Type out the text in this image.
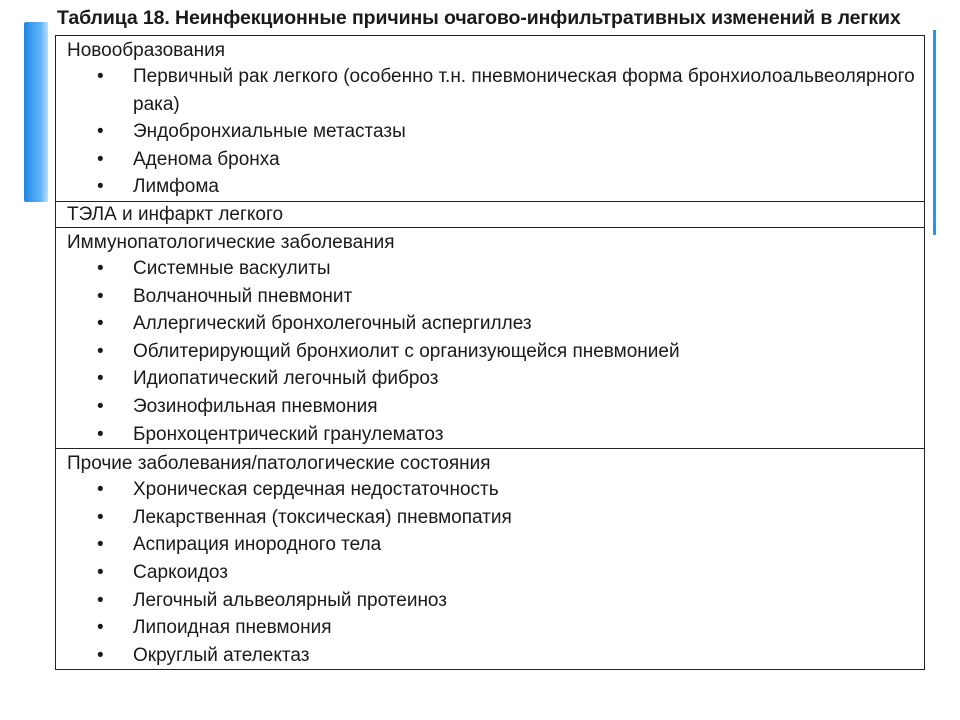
Таблица 18. Неинфекционные причины очагово-инфильтративных изменений в легких
Новообразования
• Первичный рак легкого (особенно т.н. пневмоническая форма бронхиолоальвеолярного рака)
• Эндобронхиальные метастазы
• Аденома бронха
• Лимфома

ТЭЛА и инфаркт легкого

Иммунопатологические заболевания
• Системные васкулиты
• Волчаночный пневмонит
• Аллергический бронхолегочный аспергиллез
• Облитерирующий бронхиолит с организующейся пневмонией
• Идиопатический легочный фиброз
• Эозинофильная пневмония
• Бронхоцентрический гранулематоз

Прочие заболевания/патологические состояния
• Хроническая сердечная недостаточность
• Лекарственная (токсическая) пневмопатия
• Аспирация инородного тела
• Саркоидоз
• Легочный альвеолярный протеиноз
• Липоидная пневмония
• Округлый ателектаз
